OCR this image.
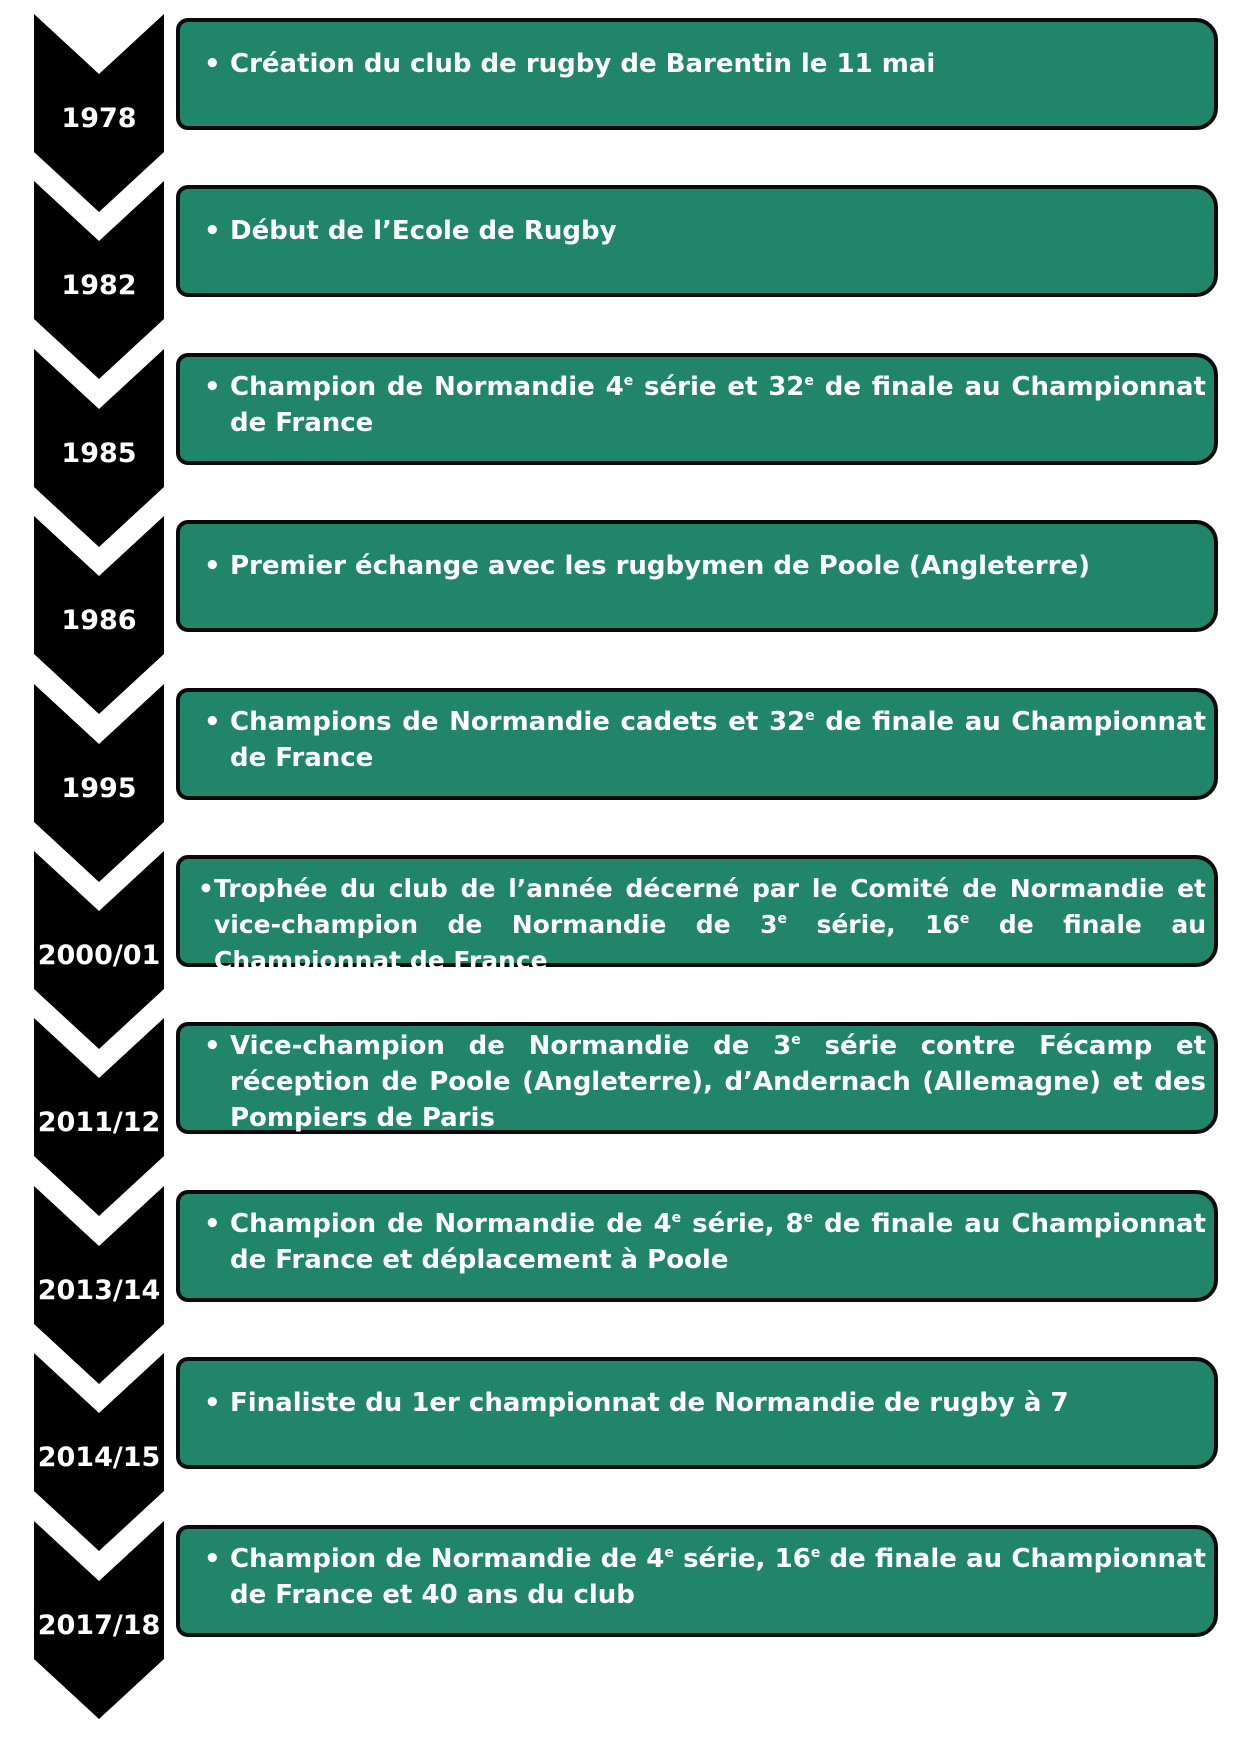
1978
• Création du club de rugby de Barentin le 11 mai
1982
• Début de l’Ecole de Rugby
1985
• Champion de Normandie 4e série et 32e de finale au Championnat de France
1986
• Premier échange avec les rugbymen de Poole (Angleterre)
1995
• Champions de Normandie cadets et 32e de finale au Championnat de France
2000/01
• Trophée du club de l’année décerné par le Comité de Normandie et vice-champion de Normandie de 3e série, 16e de finale au Championnat de France
2011/12
• Vice-champion de Normandie de 3e série contre Fécamp et réception de Poole (Angleterre), d’Andernach (Allemagne) et des Pompiers de Paris
2013/14
• Champion de Normandie de 4e série, 8e de finale au Championnat de France et déplacement à Poole
2014/15
• Finaliste du 1er championnat de Normandie de rugby à 7
2017/18
• Champion de Normandie de 4e série, 16e de finale au Championnat de France et 40 ans du club
